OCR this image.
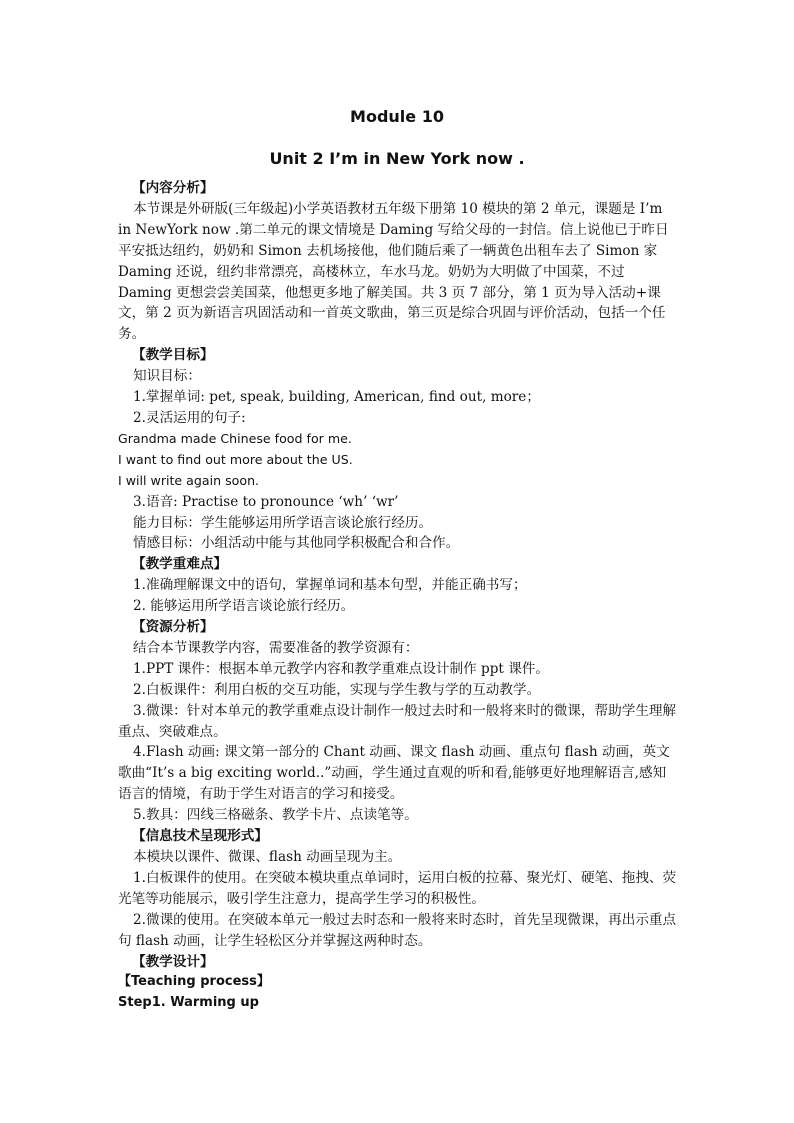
Module 10
Unit 2 I’m in New York now .

【内容分析】

本节课是外研版(三年级起)小学英语教材五年级下册第 10 模块的第 2 单元，课题是 I’m in NewYork now .第二单元的课文情境是 Daming 写给父母的一封信。信上说他已于昨日平安抵达纽约，奶奶和 Simon 去机场接他，他们随后乘了一辆黄色出租车去了 Simon 家 Daming 还说，纽约非常漂亮，高楼林立，车水马龙。奶奶为大明做了中国菜，不过 Daming 更想尝尝美国菜，他想更多地了解美国。共 3 页 7 部分，第 1 页为导入活动+课文，第 2 页为新语言巩固活动和一首英文歌曲，第三页是综合巩固与评价活动，包括一个任务。

【教学目标】

知识目标：

1.掌握单词: pet, speak, building, American, find out, more；

2.灵活运用的句子:

Grandma made Chinese food for me.

I want to find out more about the US.

I will write again soon.

3.语音: Practise to pronounce ‘wh’ ‘wr’

能力目标：学生能够运用所学语言谈论旅行经历。

情感目标：小组活动中能与其他同学积极配合和合作。

【教学重难点】

1.准确理解课文中的语句，掌握单词和基本句型，并能正确书写；

2. 能够运用所学语言谈论旅行经历。

【资源分析】

结合本节课教学内容，需要准备的教学资源有：

1.PPT 课件：根据本单元教学内容和教学重难点设计制作 ppt 课件。

2.白板课件：利用白板的交互功能，实现与学生教与学的互动教学。

3.微课：针对本单元的教学重难点设计制作一般过去时和一般将来时的微课，帮助学生理解重点、突破难点。

4.Flash 动画: 课文第一部分的 Chant 动画、课文 flash 动画、重点句 flash 动画，英文歌曲“It’s a big exciting world..”动画，学生通过直观的听和看,能够更好地理解语言,感知语言的情境，有助于学生对语言的学习和接受。

5.教具：四线三格磁条、教学卡片、点读笔等。

【信息技术呈现形式】

本模块以课件、微课、flash 动画呈现为主。

1.白板课件的使用。在突破本模块重点单词时，运用白板的拉幕、聚光灯、硬笔、拖拽、荧光笔等功能展示，吸引学生注意力，提高学生学习的积极性。

2.微课的使用。在突破本单元一般过去时态和一般将来时态时，首先呈现微课，再出示重点句 flash 动画，让学生轻松区分并掌握这两种时态。

【教学设计】

【Teaching process】

Step1. Warming up
